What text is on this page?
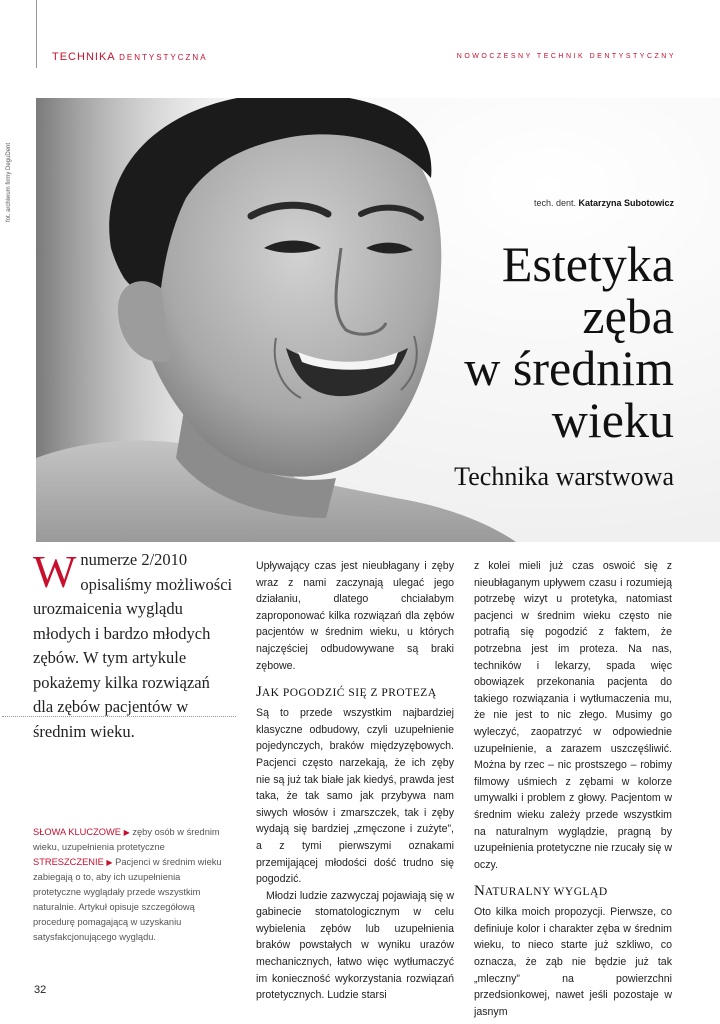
TECHNIKA DENTYSTYCZNA	NOWOCZESNY TECHNIK DENTYSTYCZNY
fot. archiwum firmy DeguDent	tech. dent. Katarzyna Subotowicz
Estetyka
zęba
w średnim
wieku
Technika warstwowa
W numerze 2/2010 opisaliśmy możliwości urozmaicenia wyglądu młodych i bardzo młodych zębów. W tym artykule pokażemy kilka rozwiązań dla zębów pacjentów w średnim wieku.
SŁOWA KLUCZOWE ▶ zęby osób w średnim wieku, uzupełnienia protetyczne
STRESZCZENIE ▶ Pacjenci w średnim wieku zabiegają o to, aby ich uzupełnienia protetyczne wyglądały przede wszystkim naturalnie. Artykuł opisuje szczegółową procedurę pomagającą w uzyskaniu satysfakcjonującego wyglądu.

Upływający czas jest nieubłagany i zęby wraz z nami zaczynają ulegać jego działaniu, dlatego chciałabym zaproponować kilka rozwiązań dla zębów pacjentów w średnim wieku, u których najczęściej odbudowywane są braki zębowe.

JAK POGODZIĆ SIĘ Z PROTEZĄ

Są to przede wszystkim najbardziej klasyczne odbudowy, czyli uzupełnienie pojedynczych, braków międzyzębowych. Pacjenci często narzekają, że ich zęby nie są już tak białe jak kiedyś, prawda jest taka, że tak samo jak przybywa nam siwych włosów i zmarszczek, tak i zęby wydają się bardziej „zmęczone i zużyte”, a z tymi pierwszymi oznakami przemijającej młodości dość trudno się pogodzić.

Młodzi ludzie zazwyczaj pojawiają się w gabinecie stomatologicznym w celu wybielenia zębów lub uzupełnienia braków powstałych w wyniku urazów mechanicznych, łatwo więc wytłumaczyć im konieczność wykorzystania rozwiązań protetycznych. Ludzie starsi

z kolei mieli już czas oswoić się z nieubłaganym upływem czasu i rozumieją potrzebę wizyt u protetyka, natomiast pacjenci w średnim wieku często nie potrafią się pogodzić z faktem, że potrzebna jest im proteza. Na nas, techników i lekarzy, spada więc obowiązek przekonania pacjenta do takiego rozwiązania i wytłumaczenia mu, że nie jest to nic złego. Musimy go wyleczyć, zaopatrzyć w odpowiednie uzupełnienie, a zarazem uszczęśliwić. Można by rzec – nic prostszego – robimy filmowy uśmiech z zębami w kolorze umywalki i problem z głowy. Pacjentom w średnim wieku zależy przede wszystkim na naturalnym wyglądzie, pragną by uzupełnienia protetyczne nie rzucały się w oczy.

NATURALNY WYGLĄD

Oto kilka moich propozycji. Pierwsze, co definiuje kolor i charakter zęba w średnim wieku, to nieco starte już szkliwo, co oznacza, że ząb nie będzie już tak „mleczny” na powierzchni przedsionkowej, nawet jeśli pozostaje w jasnym

32
